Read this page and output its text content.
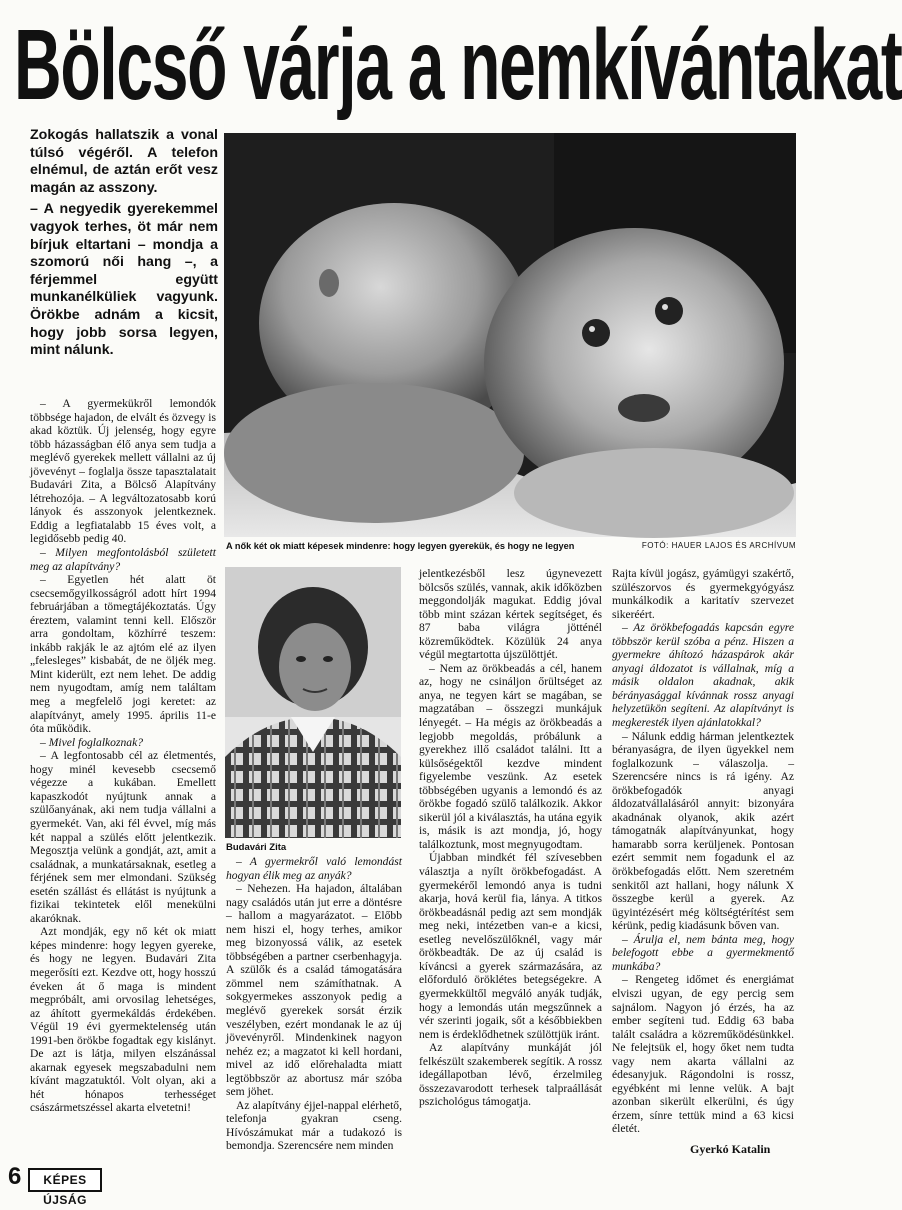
Bölcső várja a nemkívántakat

Zokogás hallatszik a vonal túlsó végéről. A telefon elnémul, de aztán erőt vesz magán az asszony.

– A negyedik gyerekemmel vagyok terhes, öt már nem bírjuk eltartani – mondja a szomorú női hang –, a férjemmel együtt munkanélküliek vagyunk. Örökbe adnám a kicsit, hogy jobb sorsa legyen, mint nálunk.

A nők két ok miatt képesek mindenre: hogy legyen gyerekük, és hogy ne legyen	FOTÓ: HAUER LAJOS ÉS ARCHÍVUM
Budavári Zita

– A gyermekükről lemondók többsége hajadon, de elvált és özvegy is akad köztük. Új jelenség, hogy egyre több házasságban élő anya sem tudja a meglévő gyerekek mellett vállalni az új jövevényt – foglalja össze tapasztalatait Budavári Zita, a Bölcső Alapítvány létrehozója. – A legváltozatosabb korú lányok és asszonyok jelentkeznek. Eddig a legfiatalabb 15 éves volt, a legidősebb pedig 40.

– Milyen megfontolásból született meg az alapítvány?

– Egyetlen hét alatt öt csecsemőgyilkosságról adott hírt 1994 februárjában a tömegtájékoztatás. Úgy éreztem, valamint tenni kell. Először arra gondoltam, közhírré teszem: inkább rakják le az ajtóm elé az ilyen „felesleges” kisbabát, de ne öljék meg. Mint kiderült, ezt nem lehet. De addig nem nyugodtam, amíg nem találtam meg a megfelelő jogi keretet: az alapítványt, amely 1995. április 11-e óta működik.

– Mivel foglalkoznak?

– A legfontosabb cél az életmentés, hogy minél kevesebb csecsemő végezze a kukában. Emellett kapaszkodót nyújtunk annak a szülőanyának, aki nem tudja vállalni a gyermekét. Van, aki fél évvel, míg más két nappal a szülés előtt jelentkezik. Megosztja velünk a gondját, azt, amit a családnak, a munkatársaknak, esetleg a férjének sem mer elmondani. Szükség esetén szállást és ellátást is nyújtunk a fizikai tekintetek elől menekülni akaróknak.

Azt mondják, egy nő két ok miatt képes mindenre: hogy legyen gyereke, és hogy ne legyen. Budavári Zita megerősíti ezt. Kezdve ott, hogy hosszú éveken át ő maga is mindent megpróbált, ami orvosilag lehetséges, az áhított gyermekáldás érdekében. Végül 19 évi gyermektelenség után 1991-ben örökbe fogadtak egy kislányt. De azt is látja, milyen elszánással akarnak egyesek megszabadulni nem kívánt magzatuktól. Volt olyan, aki a hét hónapos terhességet császármetszéssel akarta elvetetni!

– A gyermekről való lemondást hogyan élik meg az anyák?

– Nehezen. Ha hajadon, általában nagy családós után jut erre a döntésre – hallom a magyarázatot. – Előbb nem hiszi el, hogy terhes, amikor meg bizonyossá válik, az esetek többségében a partner cserbenhagyja. A szülők és a család támogatására zömmel nem számíthatnak. A sokgyermekes asszonyok pedig a meglévő gyerekek sorsát érzik veszélyben, ezért mondanak le az új jövevényről. Mindenkinek nagyon nehéz ez; a magzatot ki kell hordani, mivel az idő előrehaladta miatt legtöbbször az abortusz már szóba sem jöhet.

Az alapítvány éjjel-nappal elérhető, telefonja gyakran cseng. Hívószámukat már a tudakozó is bemondja. Szerencsére nem minden

jelentkezésből lesz úgynevezett bölcsős szülés, vannak, akik időközben meggondolják magukat. Eddig jóval több mint százan kértek segítséget, és 87 baba világra jötténél közreműködtek. Közülük 24 anya végül megtartotta újszülöttjét.

– Nem az örökbeadás a cél, hanem az, hogy ne csináljon őrültséget az anya, ne tegyen kárt se magában, se magzatában – összegzi munkájuk lényegét. – Ha mégis az örökbeadás a legjobb megoldás, próbálunk a gyerekhez illő családot találni. Itt a külsőségektől kezdve mindent figyelembe veszünk. Az esetek többségében ugyanis a lemondó és az örökbe fogadó szülő találkozik. Akkor sikerül jól a kiválasztás, ha utána egyik is, másik is azt mondja, jó, hogy találkoztunk, most megnyugodtam.

Újabban mindkét fél szívesebben választja a nyílt örökbefogadást. A gyermekéről lemondó anya is tudni akarja, hová kerül fia, lánya. A titkos örökbeadásnál pedig azt sem mondják meg neki, intézetben van-e a kicsi, esetleg nevelőszülőknél, vagy már örökbeadták. De az új család is kíváncsi a gyerek származására, az előforduló öröklétes betegségekre. A gyermekkültől megváló anyák tudják, hogy a lemondás után megszűnnek a vér szerinti jogaik, sőt a későbbiekben nem is érdeklődhetnek szülöttjük iránt.

Az alapítvány munkáját jól felkészült szakemberek segítik. A rossz idegállapotban lévő, érzelmileg összezavarodott terhesek talpraállását pszichológus támogatja.

Rajta kívül jogász, gyámügyi szakértő, szülészorvos és gyermekgyógyász munkálkodik a karitatív szervezet sikeréért.

– Az örökbefogadás kapcsán egyre többször kerül szóba a pénz. Hiszen a gyermekre áhítozó házaspárok akár anyagi áldozatot is vállalnak, míg a másik oldalon akadnak, akik bérányasággal kívánnak rossz anyagi helyzetükön segíteni. Az alapítványt is megkeresték ilyen ajánlatokkal?

– Nálunk eddig hárman jelentkeztek béranyaságra, de ilyen ügyekkel nem foglalkozunk – válaszolja. – Szerencsére nincs is rá igény. Az örökbefogadók anyagi áldozatvállalásáról annyit: bizonyára akadnának olyanok, akik azért támogatnák alapítványunkat, hogy hamarabb sorra kerüljenek. Pontosan ezért semmit nem fogadunk el az örökbefogadás előtt. Nem szeretném senkitől azt hallani, hogy nálunk X összegbe kerül a gyerek. Az ügyintézésért még költségtérítést sem kérünk, pedig kiadásunk bőven van.

– Árulja el, nem bánta meg, hogy belefogott ebbe a gyermekmentő munkába?

– Rengeteg időmet és energiámat elviszi ugyan, de egy percig sem sajnálom. Nagyon jó érzés, ha az ember segíteni tud. Eddig 63 baba talált családra a közreműködésünkkel. Ne felejtsük el, hogy őket nem tudta vagy nem akarta vállalni az édesanyjuk. Rágondolni is rossz, egyébként mi lenne velük. A bajt azonban sikerült elkerülni, és úgy érzem, sínre tettük mind a 63 kicsi életét.

Gyerkó Katalin
6	KÉPES ÚJSÁG
